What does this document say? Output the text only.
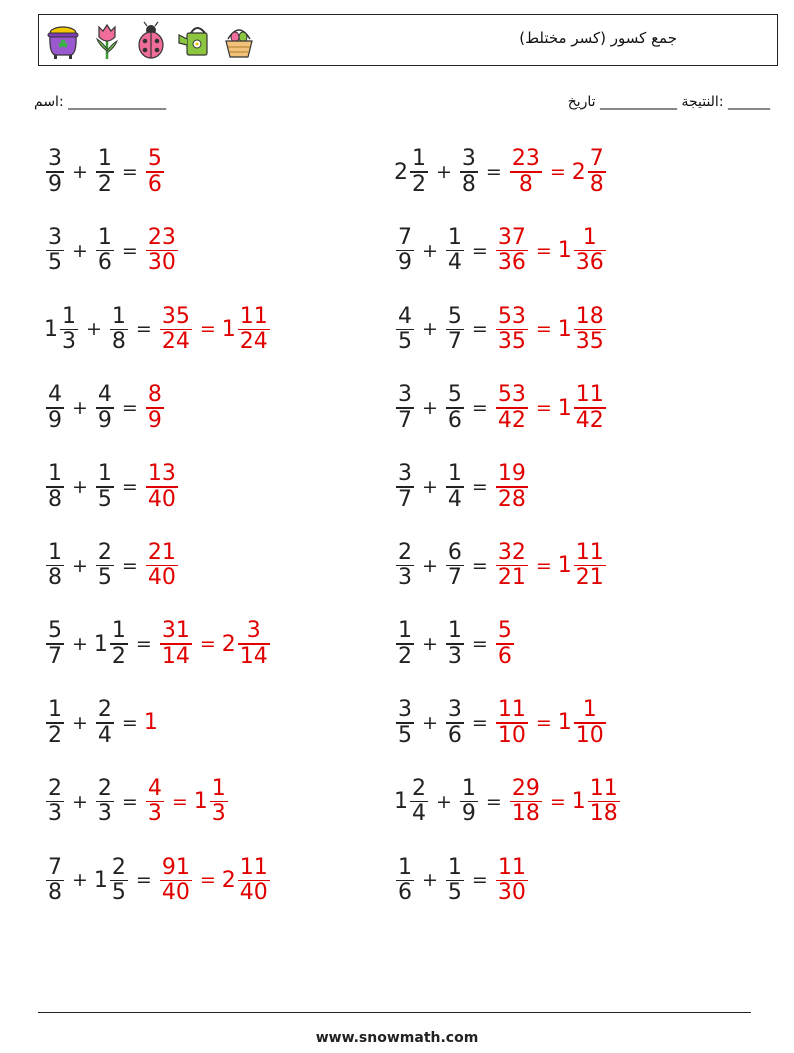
جمع كسور (كسر مختلط)
اسم: ______________	النتيجة ___________ تاريخ: ______
$\frac{3}{9} + \frac{1}{2} = \frac{5}{6}$	$2 \frac{1}{2} + \frac{3}{8} = \frac{23}{8} = 2 \frac{7}{8}$
$\frac{3}{5} + \frac{1}{6} = \frac{23}{30}$	$\frac{7}{9} + \frac{1}{4} = \frac{37}{36} = 1 \frac{1}{36}$
$1 \frac{1}{3} + \frac{1}{8} = \frac{35}{24} = 1 \frac{11}{24}$	$\frac{4}{5} + \frac{5}{7} = \frac{53}{35} = 1 \frac{18}{35}$
$\frac{4}{9} + \frac{4}{9} = \frac{8}{9}$	$\frac{3}{7} + \frac{5}{6} = \frac{53}{42} = 1 \frac{11}{42}$
$\frac{1}{8} + \frac{1}{5} = \frac{13}{40}$	$\frac{3}{7} + \frac{1}{4} = \frac{19}{28}$
$\frac{1}{8} + \frac{2}{5} = \frac{21}{40}$	$\frac{2}{3} + \frac{6}{7} = \frac{32}{21} = 1 \frac{11}{21}$
$\frac{5}{7} + 1 \frac{1}{2} = \frac{31}{14} = 2 \frac{3}{14}$	$\frac{1}{2} + \frac{1}{3} = \frac{5}{6}$
$\frac{1}{2} + \frac{2}{4} = 1$	$\frac{3}{5} + \frac{3}{6} = \frac{11}{10} = 1 \frac{1}{10}$
$\frac{2}{3} + \frac{2}{3} = \frac{4}{3} = 1 \frac{1}{3}$	$1 \frac{2}{4} + \frac{1}{9} = \frac{29}{18} = 1 \frac{11}{18}$
$\frac{7}{8} + 1 \frac{2}{5} = \frac{91}{40} = 2 \frac{11}{40}$	$\frac{1}{6} + \frac{1}{5} = \frac{11}{30}$
www.snowmath.com
